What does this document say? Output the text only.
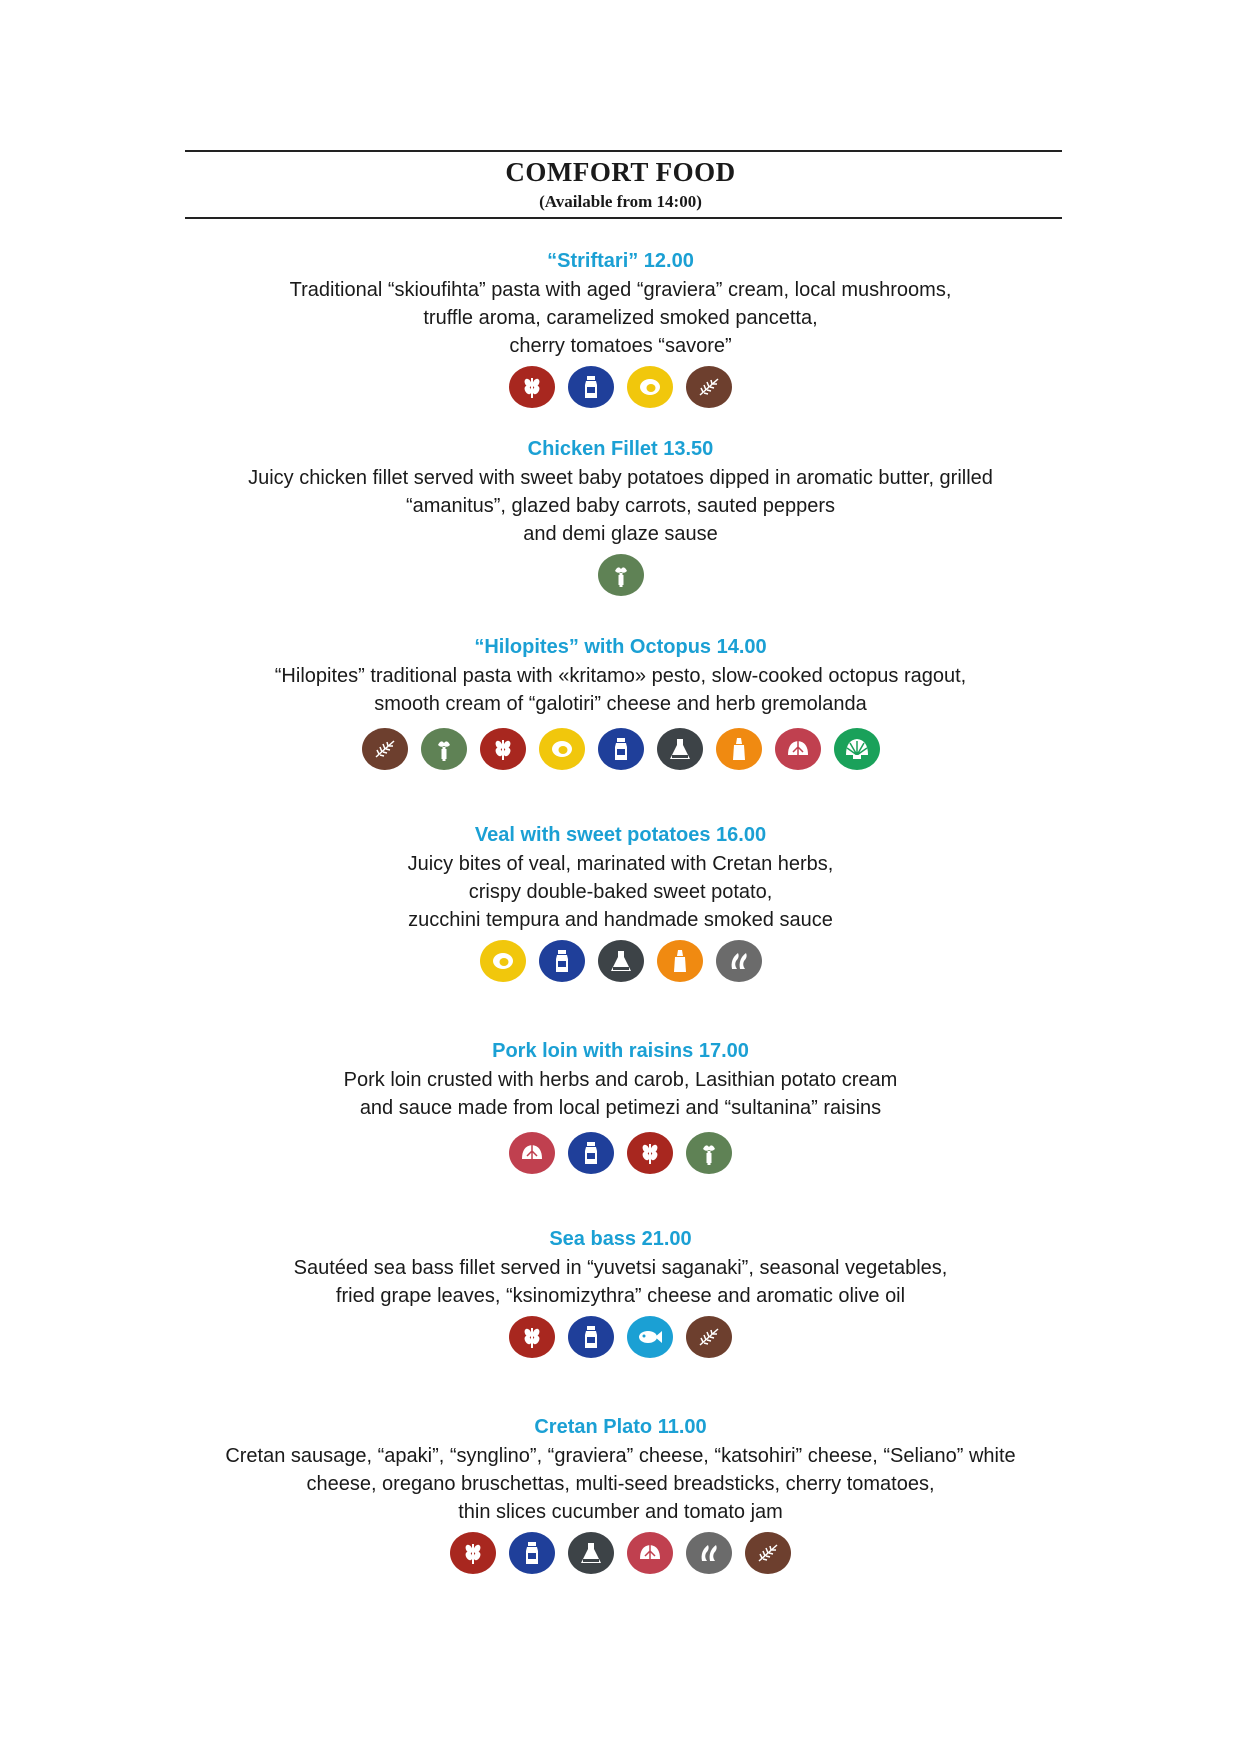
COMFORT FOOD
(Available from 14:00)
“Striftari” 12.00
Traditional “skioufihta” pasta with aged “graviera” cream, local mushrooms,
truffle aroma, caramelized smoked pancetta,
cherry tomatoes “savore”
Chicken Fillet 13.50
Juicy chicken fillet served with sweet baby potatoes dipped in aromatic butter, grilled
“amanitus”, glazed baby carrots, sauted peppers
and demi glaze sause
“Hilopites” with Octopus 14.00
“Hilopites” traditional pasta with «kritamo» pesto, slow-cooked octopus ragout,
smooth cream of “galotiri” cheese and herb gremolanda
Veal with sweet potatoes 16.00
Juicy bites of veal, marinated with Cretan herbs,
crispy double-baked sweet potato,
zucchini tempura and handmade smoked sauce
Pork loin with raisins 17.00
Pork loin crusted with herbs and carob, Lasithian potato cream
and sauce made from local petimezi and “sultanina” raisins
Sea bass 21.00
Sautéed sea bass fillet served in “yuvetsi saganaki”, seasonal vegetables,
fried grape leaves, “ksinomizythra” cheese and aromatic olive oil
Cretan Plato 11.00
Cretan sausage, “apaki”, “synglino”, “graviera” cheese, “katsohiri” cheese, “Seliano” white
cheese, oregano bruschettas, multi-seed breadsticks, cherry tomatoes,
thin slices cucumber and tomato jam
